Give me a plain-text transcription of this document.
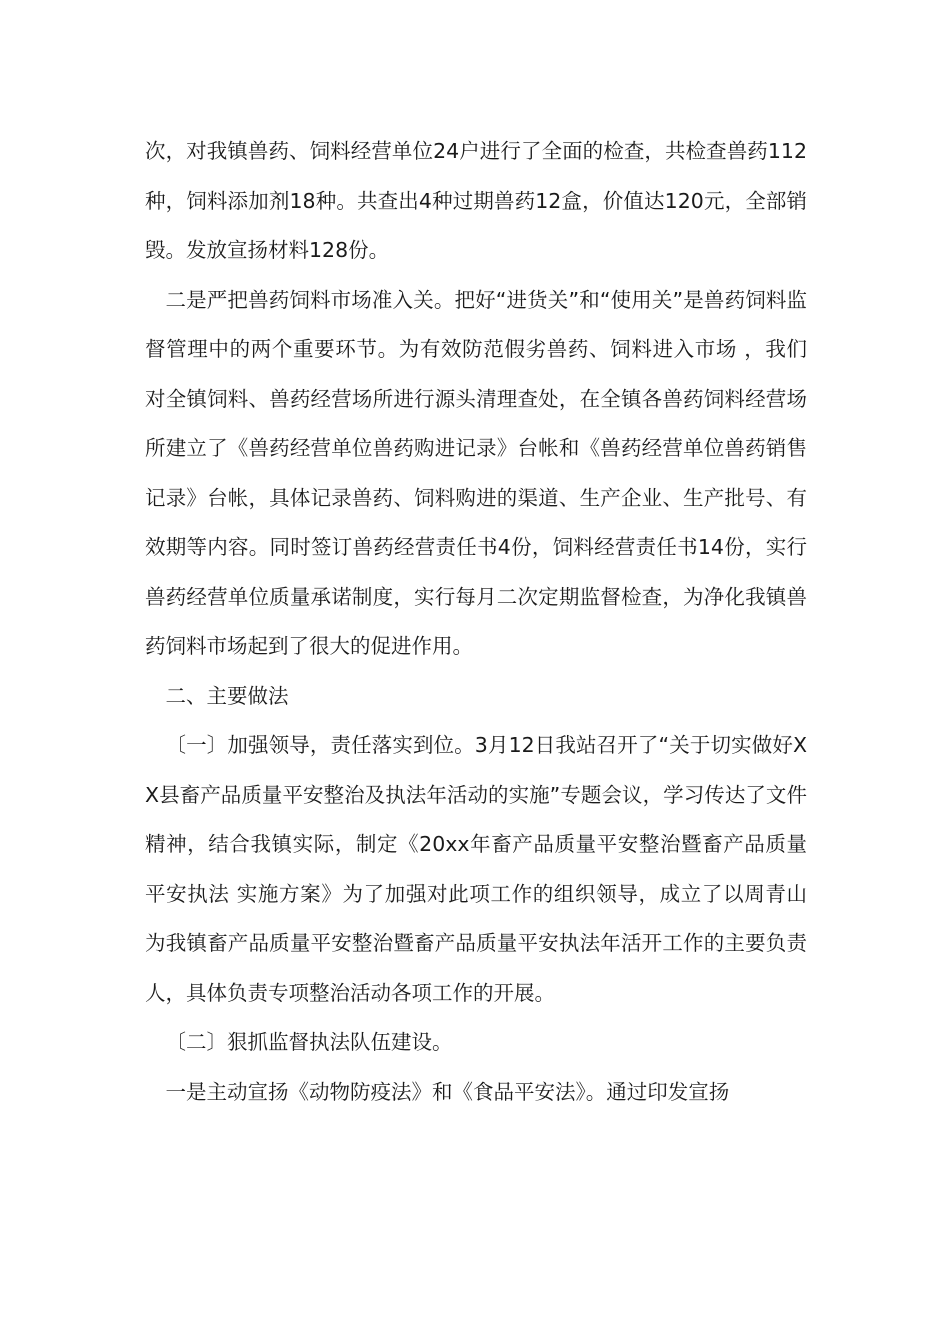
次，对我镇兽药、饲料经营单位24户进行了全面的检查，共检查兽药112种，饲料添加剂18种。共查出4种过期兽药12盒，价值达120元，全部销毁。发放宣扬材料128份。

二是严把兽药饲料市场准入关。把好“进货关”和“使用关”是兽药饲料监督管理中的两个重要环节。为有效防范假劣兽药、饲料进入市场 ，我们对全镇饲料、兽药经营场所进行源头清理查处，在全镇各兽药饲料经营场所建立了《兽药经营单位兽药购进记录》台帐和《兽药经营单位兽药销售记录》台帐，具体记录兽药、饲料购进的渠道、生产企业、生产批号、有效期等内容。同时签订兽药经营责任书4份，饲料经营责任书14份，实行兽药经营单位质量承诺制度，实行每月二次定期监督检查，为净化我镇兽药饲料市场起到了很大的促进作用。

二、主要做法

〔一〕加强领导，责任落实到位。3月12日我站召开了“关于切实做好XX县畜产品质量平安整治及执法年活动的实施”专题会议，学习传达了文件精神，结合我镇实际，制定《20xx年畜产品质量平安整治暨畜产品质量平安执法 实施方案》为了加强对此项工作的组织领导，成立了以周青山为我镇畜产品质量平安整治暨畜产品质量平安执法年活开工作的主要负责人，具体负责专项整治活动各项工作的开展。

〔二〕狠抓监督执法队伍建设。

一是主动宣扬《动物防疫法》和《食品平安法》。通过印发宣扬
